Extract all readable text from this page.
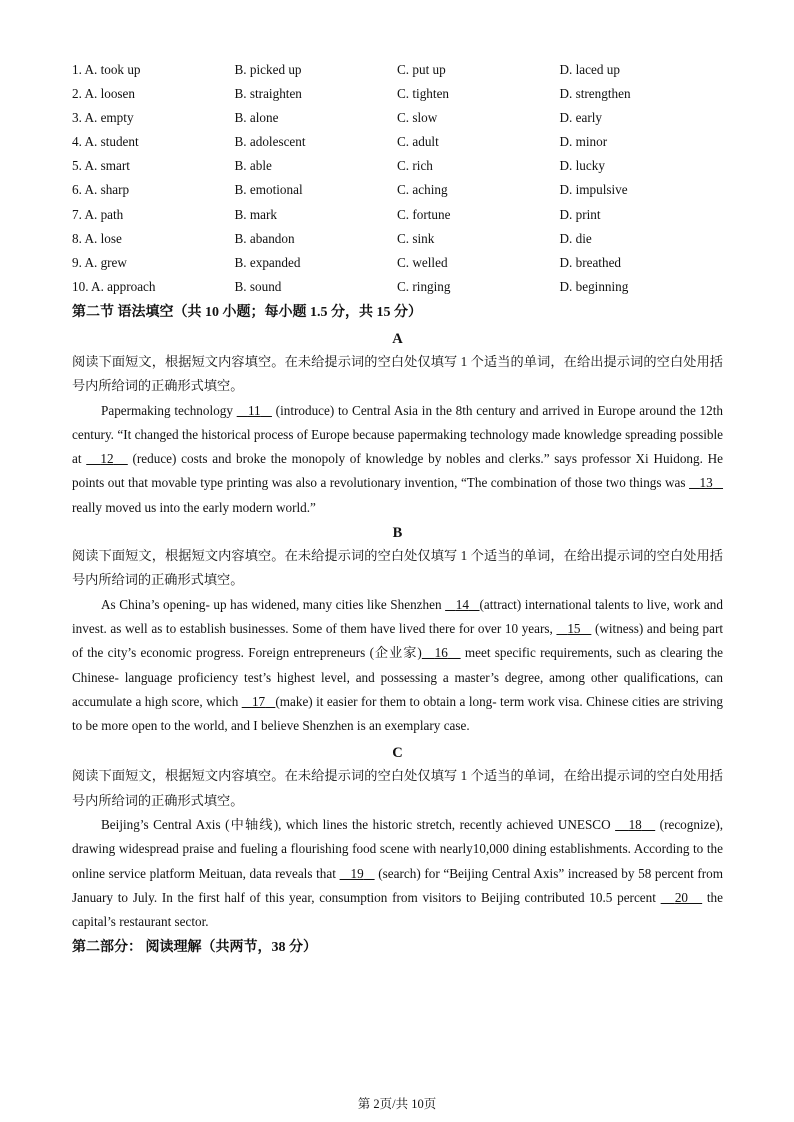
1. A. took up	B. picked up	C. put up	D. laced up
2. A. loosen	B. straighten	C. tighten	D. strengthen
3. A. empty	B. alone	C. slow	D. early
4. A. student	B. adolescent	C. adult	D. minor
5. A. smart	B. able	C. rich	D. lucky
6. A. sharp	B. emotional	C. aching	D. impulsive
7. A. path	B. mark	C. fortune	D. print
8. A. lose	B. abandon	C. sink	D. die
9. A. grew	B. expanded	C. welled	D. breathed
10. A. approach	B. sound	C. ringing	D. beginning
第二节 语法填空（共 10 小题；每小题 1.5 分，共 15 分）
A
阅读下面短文，根据短文内容填空。在未给提示词的空白处仅填写 1 个适当的单词，在给出提示词的空白处用括号内所给词的正确形式填空。
Papermaking technology    11    (introduce) to Central Asia in the 8th century and arrived in Europe around the 12th century. “It changed the historical process of Europe because papermaking technology made knowledge spreading possible at    12    (reduce) costs and broke the monopoly of knowledge by nobles and clerks.” says professor Xi Huidong. He points out that movable type printing was also a revolutionary invention, “The combination of those two things was    13    really moved us into the early modern world.”
B
阅读下面短文，根据短文内容填空。在未给提示词的空白处仅填写 1 个适当的单词，在给出提示词的空白处用括号内所给词的正确形式填空。
As China’s opening- up has widened, many cities like Shenzhen    14 (attract) international talents to live, work and invest. as well as to establish businesses. Some of them have lived there for over 10 years,    15    (witness) and being part of the city’s economic progress. Foreign entrepreneurs (企业家) 16    meet specific requirements, such as clearing the Chinese- language proficiency test’s highest level, and possessing a master’s degree, among other qualifications, can accumulate a high score, which    17 (make) it easier for them to obtain a long- term work visa. Chinese cities are striving to be more open to the world, and I believe Shenzhen is an exemplary case.
C
阅读下面短文，根据短文内容填空。在未给提示词的空白处仅填写 1 个适当的单词，在给出提示词的空白处用括号内所给词的正确形式填空。
Beijing’s Central Axis (中轴线), which lines the historic stretch, recently achieved UNESCO    18    (recognize), drawing widespread praise and fueling a flourishing food scene with nearly10,000 dining establishments. According to the online service platform Meituan, data reveals that    19    (search) for “Beijing Central Axis” increased by 58 percent from January to July. In the first half of this year, consumption from visitors to Beijing contributed 10.5 percent    20    the capital’s restaurant sector.
第二部分： 阅读理解（共两节，38 分）
第 2页/共 10页
